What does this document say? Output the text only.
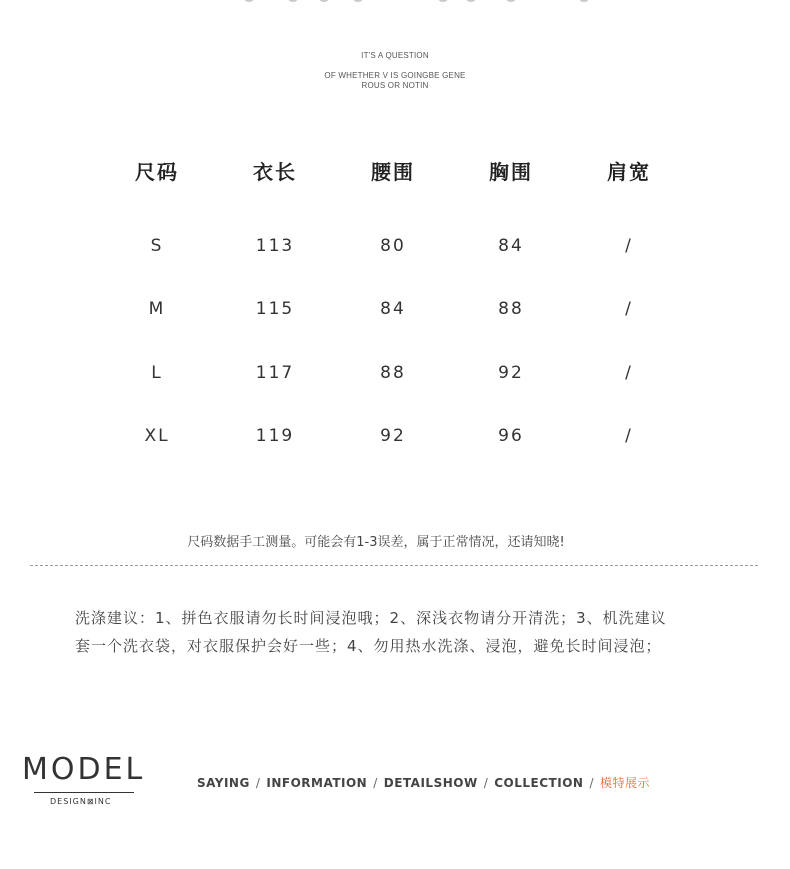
IT'S A QUESTION
OF WHETHER V IS GOINGBE GENE
ROUS OR NOTIN
尺码	衣长	腰围	胸围	肩宽
S	113	80	84	/
M	115	84	88	/
L	117	88	92	/
XL	119	92	96	/
尺码数据手工测量。可能会有1-3误差，属于正常情况，还请知晓!
洗涤建议：1、拼色衣服请勿长时间浸泡哦；2、深浅衣物请分开清洗；3、机洗建议
套一个洗衣袋，对衣服保护会好一些；4、勿用热水洗涤、浸泡，避免长时间浸泡；
MODEL
DESIGN⊠INC
SAYING / INFORMATION / DETAILSHOW / COLLECTION / 模特展示
